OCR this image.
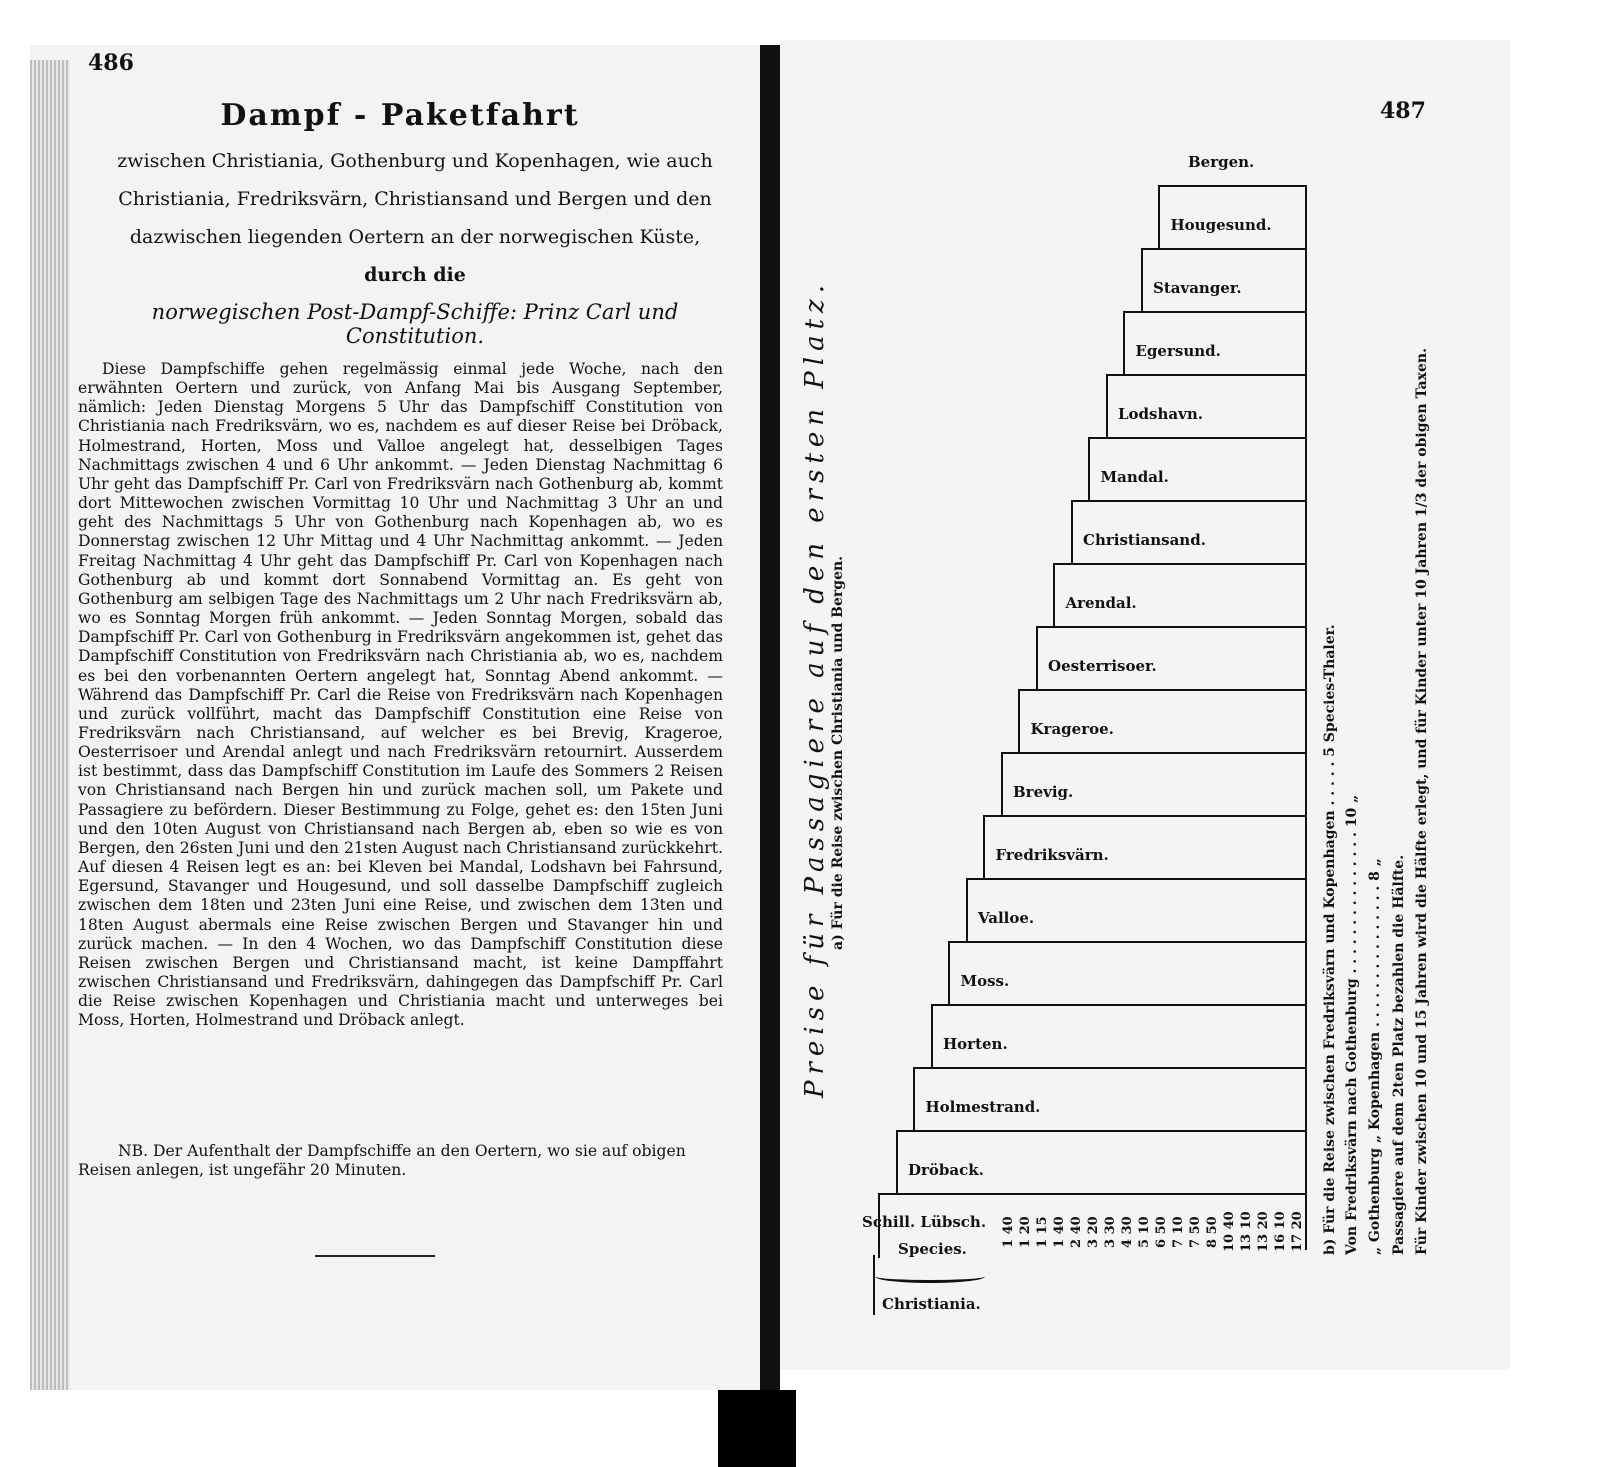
486
Dampf - Paketfahrt
zwischen Christiania, Gothenburg und Kopenhagen, wie auch
Christiania, Fredriksvärn, Christiansand und Bergen und den
dazwischen liegenden Oertern an der norwegischen Küste,
durch die
norwegischen Post-Dampf-Schiffe: Prinz Carl und Constitution.

Diese Dampfschiffe gehen regelmässig einmal jede Woche, nach den erwähnten Oertern und zurück, von Anfang Mai bis Ausgang September, nämlich: Jeden Dienstag Morgens 5 Uhr das Dampfschiff Constitution von Christiania nach Fredriksvärn, wo es, nachdem es auf dieser Reise bei Dröback, Holmestrand, Horten, Moss und Valloe angelegt hat, desselbigen Tages Nachmittags zwischen 4 und 6 Uhr ankommt. — Jeden Dienstag Nachmittag 6 Uhr geht das Dampfschiff Pr. Carl von Fredriksvärn nach Gothenburg ab, kommt dort Mittewochen zwischen Vormittag 10 Uhr und Nachmittag 3 Uhr an und geht des Nachmittags 5 Uhr von Gothenburg nach Kopenhagen ab, wo es Donnerstag zwischen 12 Uhr Mittag und 4 Uhr Nachmittag ankommt. — Jeden Freitag Nachmittag 4 Uhr geht das Dampfschiff Pr. Carl von Kopenhagen nach Gothenburg ab und kommt dort Sonnabend Vormittag an. Es geht von Gothenburg am selbigen Tage des Nachmittags um 2 Uhr nach Fredriksvärn ab, wo es Sonntag Morgen früh ankommt. — Jeden Sonntag Morgen, sobald das Dampfschiff Pr. Carl von Gothenburg in Fredriksvärn angekommen ist, gehet das Dampfschiff Constitution von Fredriksvärn nach Christiania ab, wo es, nachdem es bei den vorbenannten Oertern angelegt hat, Sonntag Abend ankommt. — Während das Dampfschiff Pr. Carl die Reise von Fredriksvärn nach Kopenhagen und zurück vollführt, macht das Dampfschiff Constitution eine Reise von Fredriksvärn nach Christiansand, auf welcher es bei Brevig, Krageroe, Oesterrisoer und Arendal anlegt und nach Fredriksvärn retournirt. Ausserdem ist bestimmt, dass das Dampfschiff Constitution im Laufe des Sommers 2 Reisen von Christiansand nach Bergen hin und zurück machen soll, um Pakete und Passagiere zu befördern. Dieser Bestimmung zu Folge, gehet es: den 15ten Juni und den 10ten August von Christiansand nach Bergen ab, eben so wie es von Bergen, den 26sten Juni und den 21sten August nach Christiansand zurückkehrt. Auf diesen 4 Reisen legt es an: bei Kleven bei Mandal, Lodshavn bei Fahrsund, Egersund, Stavanger und Hougesund, und soll dasselbe Dampfschiff zugleich zwischen dem 18ten und 23ten Juni eine Reise, und zwischen dem 13ten und 18ten August abermals eine Reise zwischen Bergen und Stavanger hin und zurück machen. — In den 4 Wochen, wo das Dampfschiff Constitution diese Reisen zwischen Bergen und Christiansand macht, ist keine Dampffahrt zwischen Christiansand und Fredriksvärn, dahingegen das Dampfschiff Pr. Carl die Reise zwischen Kopenhagen und Christiania macht und unterweges bei Moss, Horten, Holmestrand und Dröback anlegt.

NB. Der Aufenthalt der Dampfschiffe an den Oertern, wo sie auf obigen Reisen anlegen, ist ungefähr 20 Minuten.
487
Preise für Passagiere auf den ersten Platz. a) Für die Reise zwischen Christiania und Bergen.
Bergen.
Hougesund.
Stavanger.
Egersund.
Lodshavn.
Mandal.
Christiansand.
Arendal.
Oesterrisoer.
Krageroe.
Brevig.
Fredriksvärn.
Valloe.
Moss.
Horten.
Holmestrand.
Dröback.
Schill. Lübsch.
Species.
Christiania.
1 40 1 20 1 15 1 40 2 40 3 20 3 30 4 30 5 10 6 50 7 10 7 50 8 50 10 40 13 10 13 20 16 10 17 20 b) Für die Reise zwischen Fredriksvärn und Kopenhagen . . . . . 5 Species-Thaler. Von Fredriksvärn nach Gothenburg . . . . . . . . . . . . . . . 10 „ „ Gothenburg „ Kopenhagen . . . . . . . . . . . . . . . 8 „ Passagiere auf dem 2ten Platz bezahlen die Hälfte. Für Kinder zwischen 10 und 15 Jahren wird die Hälfte erlegt, und für Kinder unter 10 Jahren 1/3 der obigen Taxen.
